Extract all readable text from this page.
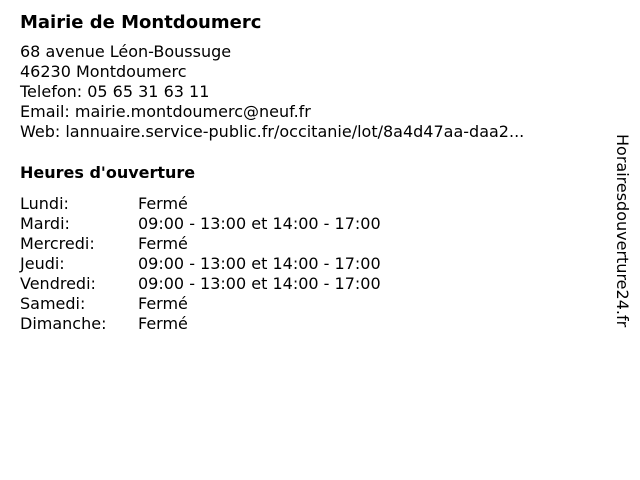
Mairie de Montdoumerc
68 avenue Léon-Boussuge
46230 Montdoumerc
Telefon: 05 65 31 63 11
Email: mairie.montdoumerc@neuf.fr
Web: lannuaire.service-public.fr/occitanie/lot/8a4d47aa-daa2...
Heures d'ouverture
Lundi:	Fermé
Mardi:	09:00 - 13:00 et 14:00 - 17:00
Mercredi:	Fermé
Jeudi:	09:00 - 13:00 et 14:00 - 17:00
Vendredi:	09:00 - 13:00 et 14:00 - 17:00
Samedi:	Fermé
Dimanche:	Fermé	Horairesdouverture24.fr
